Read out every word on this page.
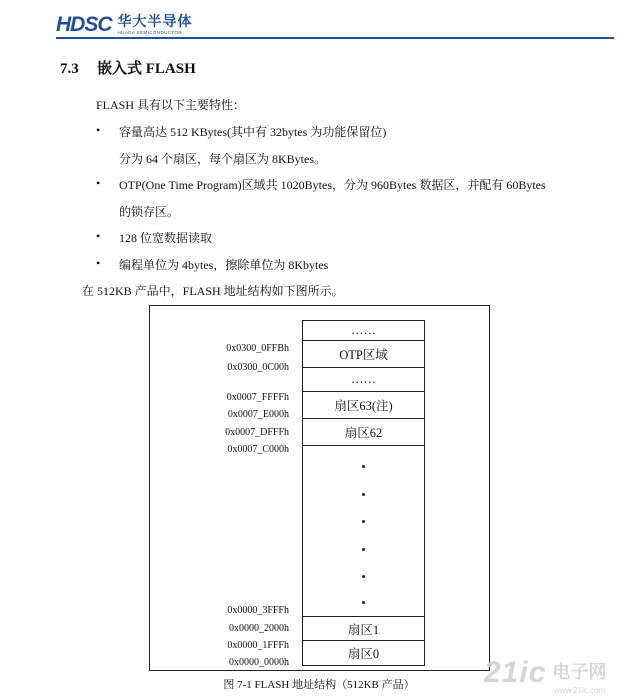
HDSC 华大半导体
HUADA SEMICONDUCTOR
7.3 嵌入式 FLASH
FLASH 具有以下主要特性：
• 容量高达 512 KBytes(其中有 32bytes 为功能保留位)
分为 64 个扇区，每个扇区为 8KBytes。
• OTP(One Time Program)区域共 1020Bytes，分为 960Bytes 数据区，并配有 60Bytes
的锁存区。
• 128 位宽数据读取
• 编程单位为 4bytes，擦除单位为 8Kbytes
在 512KB 产品中，FLASH 地址结构如下图所示。
……
OTP区域
……
扇区63(注)
扇区62
扇区1
扇区0
0x0300_0FFBh
0x0300_0C00h
0x0007_FFFFh
0x0007_E000h
0x0007_DFFFh
0x0007_C000h
0x0000_3FFFh
0x0000_2000h
0x0000_1FFFh
0x0000_0000h
图 7-1 FLASH 地址结构（512KB 产品）	21ic 电子网
www.21ic.com
